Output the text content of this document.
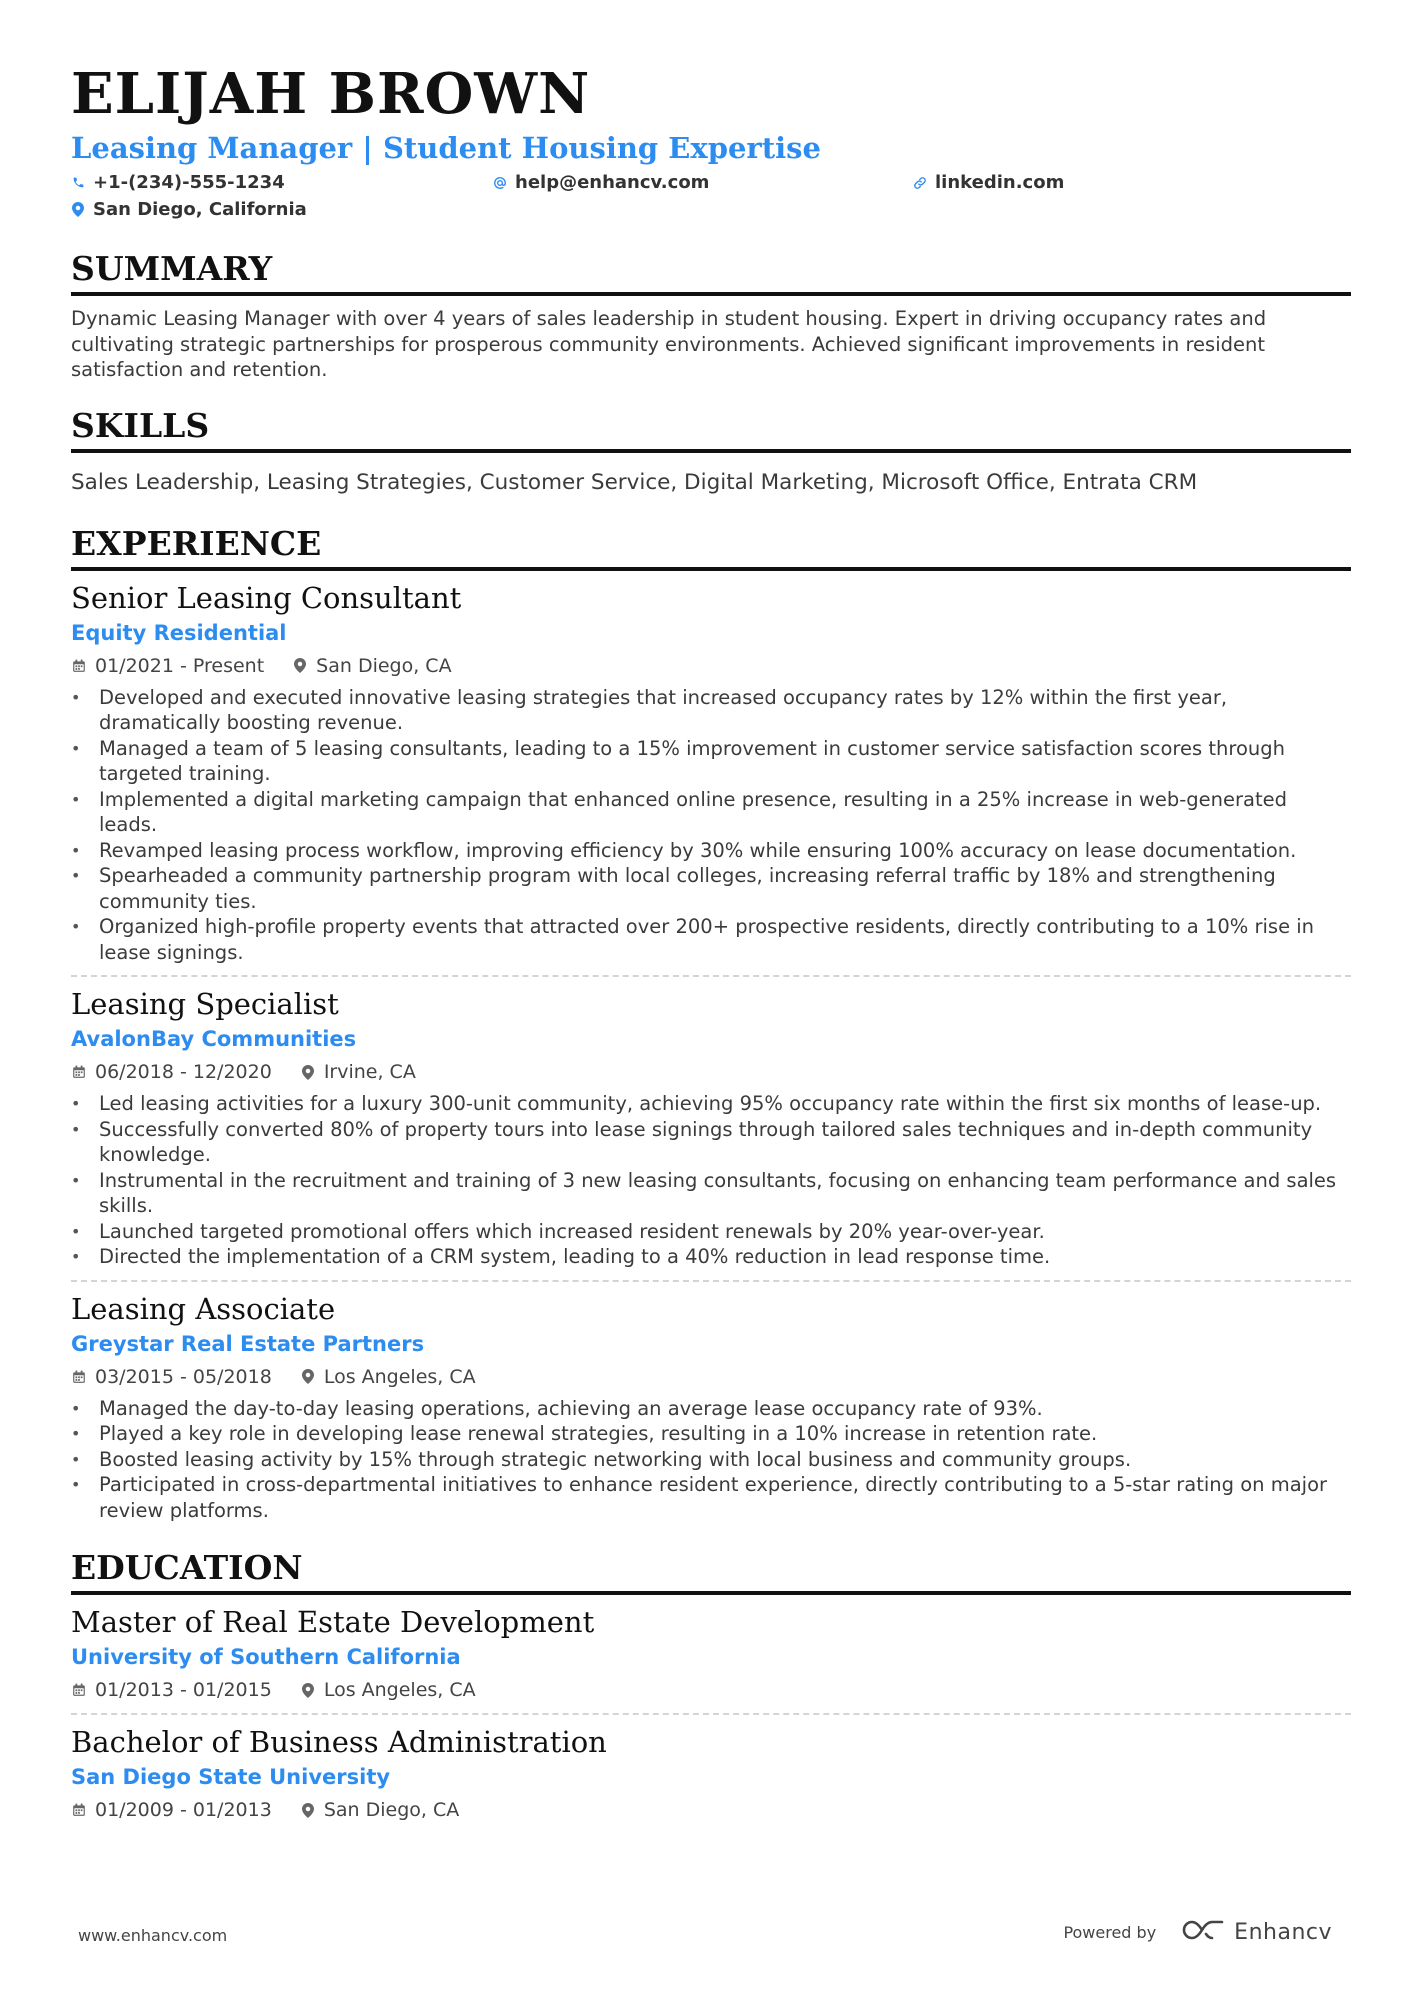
ELIJAH BROWN
Leasing Manager | Student Housing Expertise
+1-(234)-555-1234	help@enhancv.com	linkedin.com
San Diego, California
SUMMARY
Dynamic Leasing Manager with over 4 years of sales leadership in student housing. Expert in driving occupancy rates and cultivating strategic partnerships for prosperous community environments. Achieved significant improvements in resident satisfaction and retention.
SKILLS
Sales Leadership, Leasing Strategies, Customer Service, Digital Marketing, Microsoft Office, Entrata CRM
EXPERIENCE
Senior Leasing Consultant
Equity Residential
01/2021 - Present	San Diego, CA
• Developed and executed innovative leasing strategies that increased occupancy rates by 12% within the first year, dramatically boosting revenue.
• Managed a team of 5 leasing consultants, leading to a 15% improvement in customer service satisfaction scores through targeted training.
• Implemented a digital marketing campaign that enhanced online presence, resulting in a 25% increase in web-generated leads.
• Revamped leasing process workflow, improving efficiency by 30% while ensuring 100% accuracy on lease documentation.
• Spearheaded a community partnership program with local colleges, increasing referral traffic by 18% and strengthening community ties.
• Organized high-profile property events that attracted over 200+ prospective residents, directly contributing to a 10% rise in lease signings.
Leasing Specialist
AvalonBay Communities
06/2018 - 12/2020	Irvine, CA
• Led leasing activities for a luxury 300-unit community, achieving 95% occupancy rate within the first six months of lease-up.
• Successfully converted 80% of property tours into lease signings through tailored sales techniques and in-depth community knowledge.
• Instrumental in the recruitment and training of 3 new leasing consultants, focusing on enhancing team performance and sales skills.
• Launched targeted promotional offers which increased resident renewals by 20% year-over-year.
• Directed the implementation of a CRM system, leading to a 40% reduction in lead response time.
Leasing Associate
Greystar Real Estate Partners
03/2015 - 05/2018	Los Angeles, CA
• Managed the day-to-day leasing operations, achieving an average lease occupancy rate of 93%.
• Played a key role in developing lease renewal strategies, resulting in a 10% increase in retention rate.
• Boosted leasing activity by 15% through strategic networking with local business and community groups.
• Participated in cross-departmental initiatives to enhance resident experience, directly contributing to a 5-star rating on major review platforms.
EDUCATION
Master of Real Estate Development
University of Southern California
01/2013 - 01/2015	Los Angeles, CA
Bachelor of Business Administration
San Diego State University
01/2009 - 01/2013	San Diego, CA
www.enhancv.com	Powered by	Enhancv
